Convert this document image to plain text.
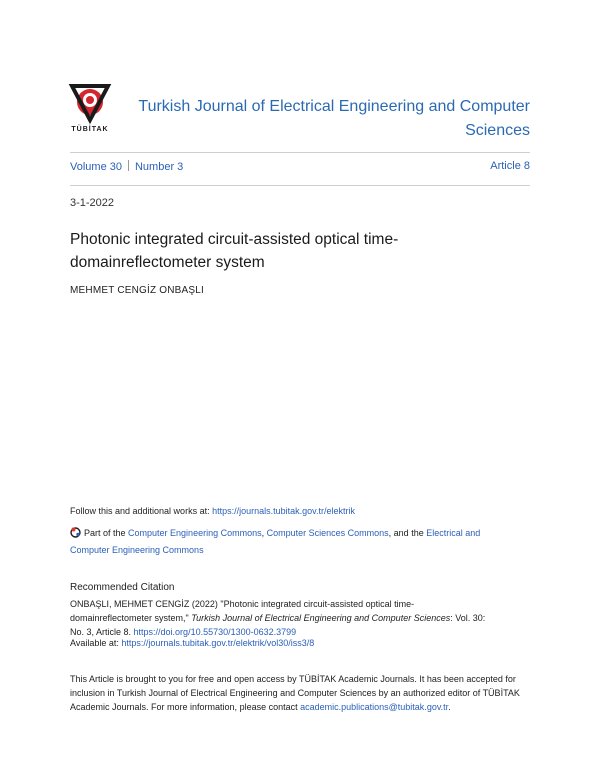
TÜBİTAK
Turkish Journal of Electrical Engineering and Computer
Sciences
Volume 30 Number 3	Article 8
3-1-2022
Photonic integrated circuit-assisted optical time-
domainreflectometer system
MEHMET CENGİZ ONBAŞLI
Follow this and additional works at: https://journals.tubitak.gov.tr/elektrik
Part of the Computer Engineering Commons, Computer Sciences Commons, and the Electrical and
Computer Engineering Commons
Recommended Citation
ONBAŞLI, MEHMET CENGİZ (2022) "Photonic integrated circuit-assisted optical time-
domainreflectometer system," Turkish Journal of Electrical Engineering and Computer Sciences: Vol. 30:
No. 3, Article 8. https://doi.org/10.55730/1300-0632.3799
Available at: https://journals.tubitak.gov.tr/elektrik/vol30/iss3/8
This Article is brought to you for free and open access by TÜBİTAK Academic Journals. It has been accepted for
inclusion in Turkish Journal of Electrical Engineering and Computer Sciences by an authorized editor of TÜBİTAK
Academic Journals. For more information, please contact academic.publications@tubitak.gov.tr.
